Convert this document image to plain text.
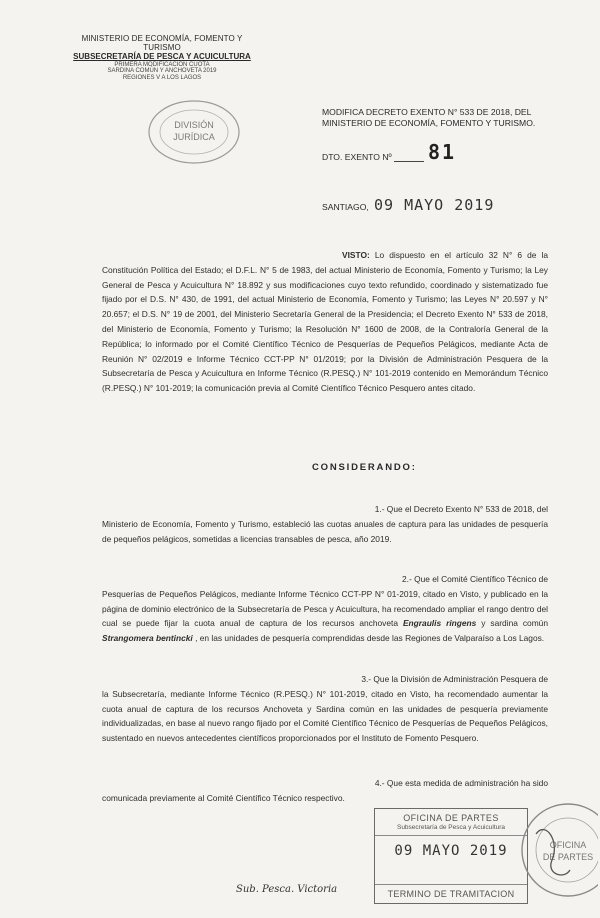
MINISTERIO DE ECONOMÍA, FOMENTO Y TURISMO
SUBSECRETARÍA DE PESCA Y ACUICULTURA
PRIMERA MODIFICACIÓN CUOTA
SARDINA COMÚN Y ANCHOVETA 2019
REGIONES V A LOS LAGOS
DIVISIÓN
JURÍDICA
MODIFICA DECRETO EXENTO N° 533 DE 2018, DEL MINISTERIO DE ECONOMÍA, FOMENTO Y TURISMO.
DTO. EXENTO Nº 81
SANTIAGO, 09 MAYO 2019
VISTO: Lo dispuesto en el artículo 32 N° 6 de la Constitución Política del Estado; el D.F.L. N° 5 de 1983, del actual Ministerio de Economía, Fomento y Turismo; la Ley General de Pesca y Acuicultura N° 18.892 y sus modificaciones cuyo texto refundido, coordinado y sistematizado fue fijado por el D.S. N° 430, de 1991, del actual Ministerio de Economía, Fomento y Turismo; las Leyes N° 20.597 y N° 20.657; el D.S. N° 19 de 2001, del Ministerio Secretaría General de la Presidencia; el Decreto Exento N° 533 de 2018, del Ministerio de Economía, Fomento y Turismo; la Resolución N° 1600 de 2008, de la Contraloría General de la República; lo informado por el Comité Científico Técnico de Pesquerías de Pequeños Pelágicos, mediante Acta de Reunión N° 02/2019 e Informe Técnico CCT-PP N° 01/2019; por la División de Administración Pesquera de la Subsecretaría de Pesca y Acuicultura en Informe Técnico (R.PESQ.) N° 101-2019 contenido en Memorándum Técnico (R.PESQ.) N° 101-2019; la comunicación previa al Comité Científico Técnico Pesquero antes citado.
CONSIDERANDO:
1.- Que el Decreto Exento N° 533 de 2018, del
Ministerio de Economía, Fomento y Turismo, estableció las cuotas anuales de captura para las unidades de pesquería de pequeños pelágicos, sometidas a licencias transables de pesca, año 2019.
2.- Que el Comité Científico Técnico de
Pesquerías de Pequeños Pelágicos, mediante Informe Técnico CCT-PP N° 01-2019, citado en Visto, y publicado en la página de dominio electrónico de la Subsecretaría de Pesca y Acuicultura, ha recomendado ampliar el rango dentro del cual se puede fijar la cuota anual de captura de los recursos anchoveta Engraulis ringens y sardina común Strangomera bentincki , en las unidades de pesquería comprendidas desde las Regiones de Valparaíso a Los Lagos.
3.- Que la División de Administración Pesquera de
la Subsecretaría, mediante Informe Técnico (R.PESQ.) N° 101-2019, citado en Visto, ha recomendado aumentar la cuota anual de captura de los recursos Anchoveta y Sardina común en las unidades de pesquería previamente individualizadas, en base al nuevo rango fijado por el Comité Científico Técnico de Pesquerías de Pequeños Pelágicos, sustentado en nuevos antecedentes científicos proporcionados por el Instituto de Fomento Pesquero.
4.- Que esta medida de administración ha sido
comunicada previamente al Comité Científico Técnico respectivo.
OFICINA DE PARTES
Subsecretaría de Pesca y Acuicultura
09 MAYO 2019
TERMINO DE TRAMITACION
OFICINA
DE PARTES
Sub. Pesca. Victoria
